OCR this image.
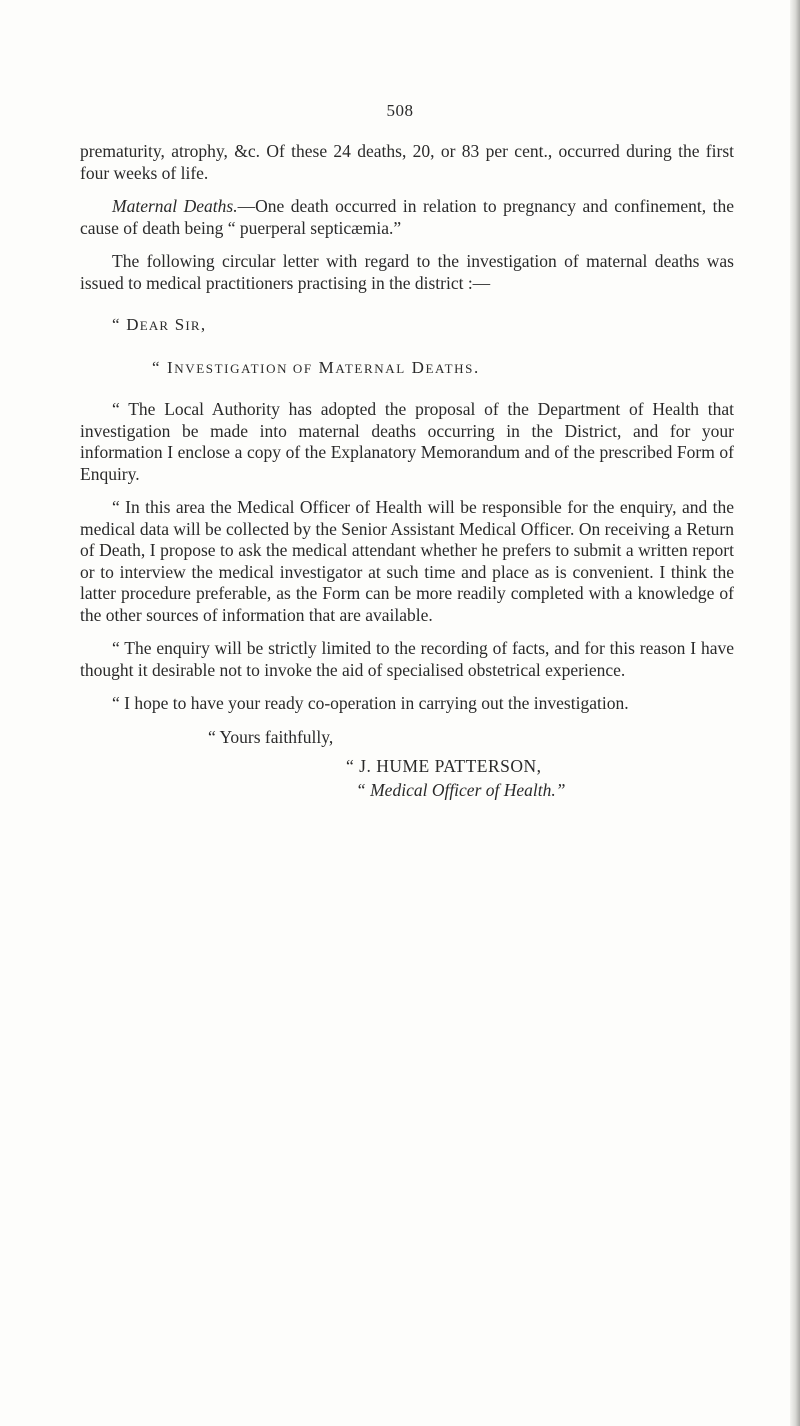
508

prematurity, atrophy, &c. Of these 24 deaths, 20, or 83 per cent., occurred during the first four weeks of life.

Maternal Deaths.—One death occurred in relation to pregnancy and confinement, the cause of death being “ puerperal septicæmia.”

The following circular letter with regard to the investigation of maternal deaths was issued to medical practitioners practising in the district :—

“ DEAR SIR,
“ INVESTIGATION OF MATERNAL DEATHS.

“ The Local Authority has adopted the proposal of the Department of Health that investigation be made into maternal deaths occurring in the District, and for your information I enclose a copy of the Explanatory Memorandum and of the prescribed Form of Enquiry.

“ In this area the Medical Officer of Health will be responsible for the enquiry, and the medical data will be collected by the Senior Assistant Medical Officer. On receiving a Return of Death, I propose to ask the medical attendant whether he prefers to submit a written report or to interview the medical investigator at such time and place as is convenient. I think the latter procedure preferable, as the Form can be more readily completed with a knowledge of the other sources of information that are available.

“ The enquiry will be strictly limited to the recording of facts, and for this reason I have thought it desirable not to invoke the aid of specialised obstetrical experience.

“ I hope to have your ready co-operation in carrying out the investigation.

“ Yours faithfully,
“ J. HUME PATTERSON,
“ Medical Officer of Health.”
